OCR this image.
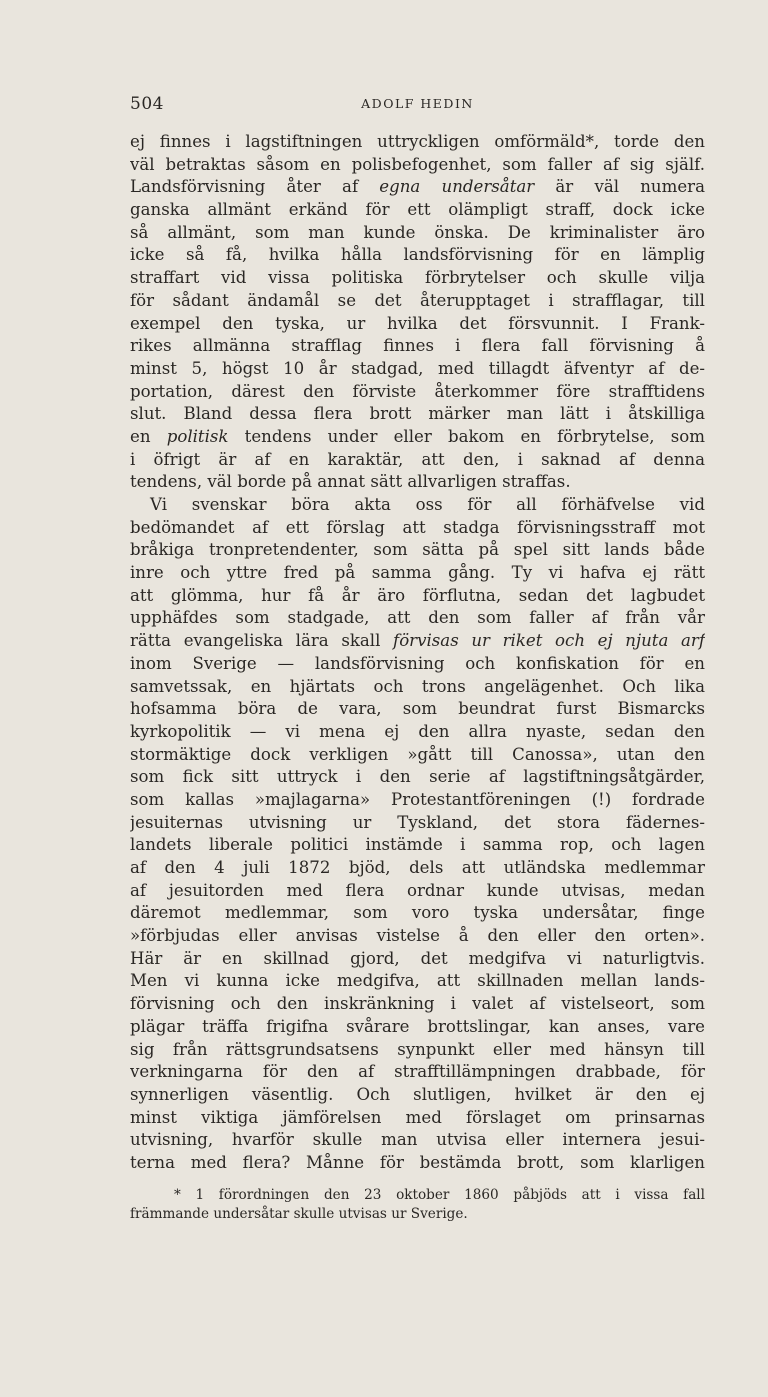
504	ADOLF HEDIN
ej finnes i lagstiftningen uttryckligen omförmäld*, torde den
väl betraktas såsom en polisbefogenhet, som faller af sig själf.
Landsförvisning åter af egna undersåtar är väl numera
ganska allmänt erkänd för ett olämpligt straff, dock icke
så allmänt, som man kunde önska. De kriminalister äro
icke så få, hvilka hålla landsförvisning för en lämplig
straffart vid vissa politiska förbrytelser och skulle vilja
för sådant ändamål se det återupptaget i strafflagar, till
exempel den tyska, ur hvilka det försvunnit. I Frank-
rikes allmänna strafflag finnes i flera fall förvisning å
minst 5, högst 10 år stadgad, med tillagdt äfventyr af de-
portation, därest den förviste återkommer före strafftidens
slut. Bland dessa flera brott märker man lätt i åtskilliga
en politisk tendens under eller bakom en förbrytelse, som
i öfrigt är af en karaktär, att den, i saknad af denna
tendens, väl borde på annat sätt allvarligen straffas.
Vi svenskar böra akta oss för all förhäfvelse vid
bedömandet af ett förslag att stadga förvisningsstraff mot
bråkiga tronpretendenter, som sätta på spel sitt lands både
inre och yttre fred på samma gång. Ty vi hafva ej rätt
att glömma, hur få år äro förflutna, sedan det lagbudet
upphäfdes som stadgade, att den som faller af från vår
rätta evangeliska lära skall förvisas ur riket och ej njuta arf
inom Sverige — landsförvisning och konfiskation för en
samvetssak, en hjärtats och trons angelägenhet. Och lika
hofsamma böra de vara, som beundrat furst Bismarcks
kyrkopolitik — vi mena ej den allra nyaste, sedan den
stormäktige dock verkligen »gått till Canossa», utan den
som fick sitt uttryck i den serie af lagstiftningsåtgärder,
som kallas »majlagarna» Protestantföreningen (!) fordrade
jesuiternas utvisning ur Tyskland, det stora fädernes-
landets liberale politici instämde i samma rop, och lagen
af den 4 juli 1872 bjöd, dels att utländska medlemmar
af jesuitorden med flera ordnar kunde utvisas, medan
däremot medlemmar, som voro tyska undersåtar, finge
»förbjudas eller anvisas vistelse å den eller den orten».
Här är en skillnad gjord, det medgifva vi naturligtvis.
Men vi kunna icke medgifva, att skillnaden mellan lands-
förvisning och den inskränkning i valet af vistelseort, som
plägar träffa frigifna svårare brottslingar, kan anses, vare
sig från rättsgrundsatsens synpunkt eller med hänsyn till
verkningarna för den af strafftillämpningen drabbade, för
synnerligen väsentlig. Och slutligen, hvilket är den ej
minst viktiga jämförelsen med förslaget om prinsarnas
utvisning, hvarför skulle man utvisa eller internera jesui-
terna med flera? Månne för bestämda brott, som klarligen
* 1 förordningen den 23 oktober 1860 påbjöds att i vissa fall
främmande undersåtar skulle utvisas ur Sverige.
